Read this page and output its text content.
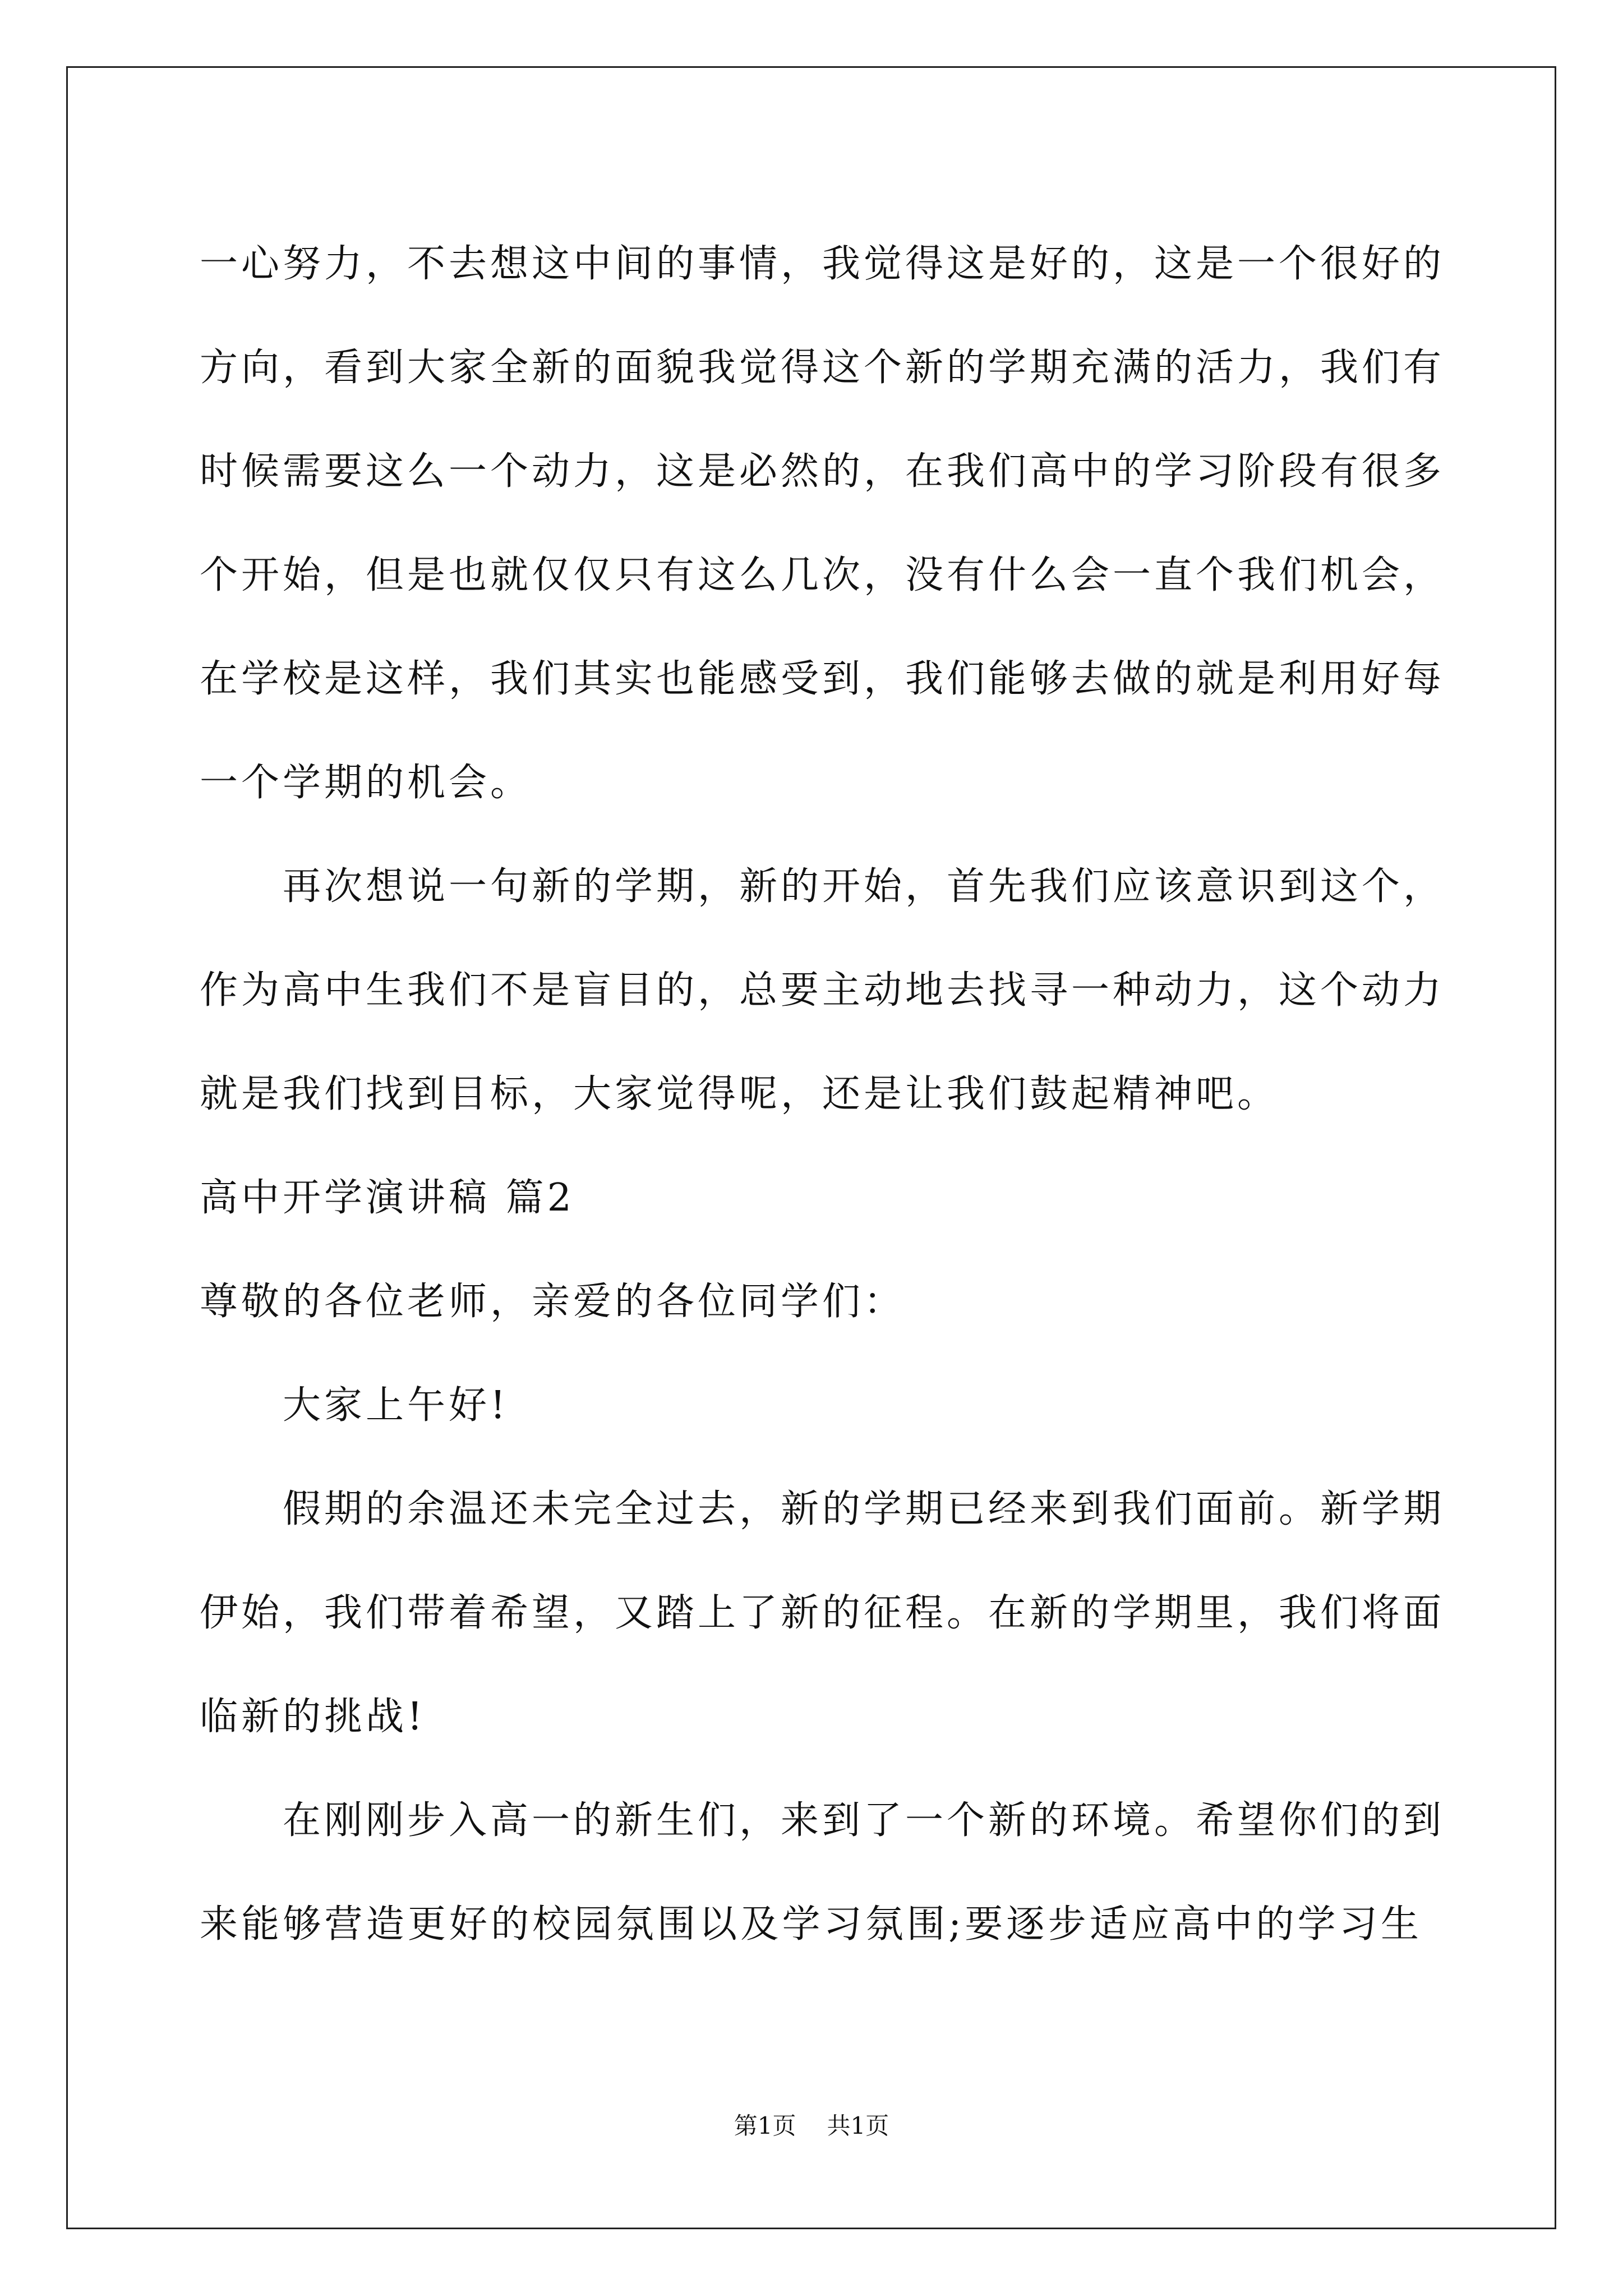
一心努力，不去想这中间的事情，我觉得这是好的，这是一个很好的
方向，看到大家全新的面貌我觉得这个新的学期充满的活力，我们有
时候需要这么一个动力，这是必然的，在我们高中的学习阶段有很多
个开始，但是也就仅仅只有这么几次，没有什么会一直个我们机会，
在学校是这样，我们其实也能感受到，我们能够去做的就是利用好每
一个学期的机会。
再次想说一句新的学期，新的开始，首先我们应该意识到这个，
作为高中生我们不是盲目的，总要主动地去找寻一种动力，这个动力
就是我们找到目标，大家觉得呢，还是让我们鼓起精神吧。
高中开学演讲稿 篇2
尊敬的各位老师，亲爱的各位同学们：
大家上午好!
假期的余温还未完全过去，新的学期已经来到我们面前。新学期
伊始，我们带着希望，又踏上了新的征程。在新的学期里，我们将面
临新的挑战!
在刚刚步入高一的新生们，来到了一个新的环境。希望你们的到
来能够营造更好的校园氛围以及学习氛围;要逐步适应高中的学习生
第1页 共1页
